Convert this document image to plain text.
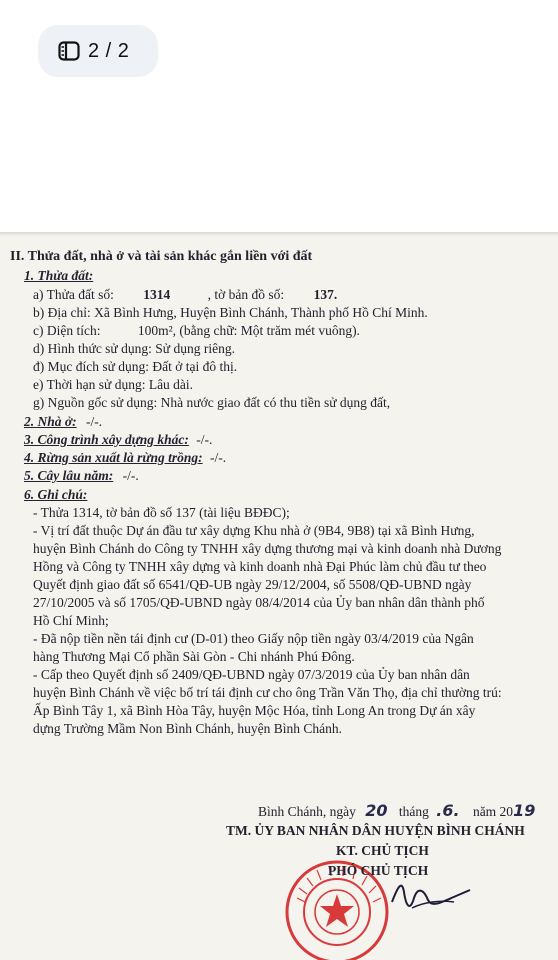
2 / 2
II. Thửa đất, nhà ở và tài sản khác gắn liền với đất
1. Thửa đất:
a) Thửa đất số: 1314	, tờ bản đồ số: 137.
b) Địa chỉ: Xã Bình Hưng, Huyện Bình Chánh, Thành phố Hồ Chí Minh.
c) Diện tích:	100m², (bằng chữ: Một trăm mét vuông).
d) Hình thức sử dụng: Sử dụng riêng.
đ) Mục đích sử dụng: Đất ở tại đô thị.
e) Thời hạn sử dụng: Lâu dài.
g) Nguồn gốc sử dụng: Nhà nước giao đất có thu tiền sử dụng đất,
2. Nhà ở: -/-.
3. Công trình xây dựng khác: -/-.
4. Rừng sản xuất là rừng trồng: -/-.
5. Cây lâu năm: -/-.
6. Ghi chú:
- Thửa 1314, tờ bản đồ số 137 (tài liệu BĐĐC);
- Vị trí đất thuộc Dự án đầu tư xây dựng Khu nhà ở (9B4, 9B8) tại xã Bình Hưng,
huyện Bình Chánh do Công ty TNHH xây dựng thương mại và kinh doanh nhà Dương
Hồng và Công ty TNHH xây dựng và kinh doanh nhà Đại Phúc làm chủ đầu tư theo
Quyết định giao đất số 6541/QĐ-UB ngày 29/12/2004, số 5508/QĐ-UBND ngày
27/10/2005 và số 1705/QĐ-UBND ngày 08/4/2014 của Ủy ban nhân dân thành phố
Hồ Chí Minh;
- Đã nộp tiền nền tái định cư (D-01) theo Giấy nộp tiền ngày 03/4/2019 của Ngân
hàng Thương Mại Cổ phần Sài Gòn - Chi nhánh Phú Đông.
- Cấp theo Quyết định số 2409/QĐ-UBND ngày 07/3/2019 của Ủy ban nhân dân
huyện Bình Chánh về việc bố trí tái định cư cho ông Trần Văn Thọ, địa chỉ thường trú:
Ấp Bình Tây 1, xã Bình Hòa Tây, huyện Mộc Hóa, tỉnh Long An trong Dự án xây
dựng Trường Mầm Non Bình Chánh, huyện Bình Chánh.
Bình Chánh, ngày 20 tháng .6. năm 2019
TM. ỦY BAN NHÂN DÂN HUYỆN BÌNH CHÁNH
KT. CHỦ TỊCH
PHÓ CHỦ TỊCH
